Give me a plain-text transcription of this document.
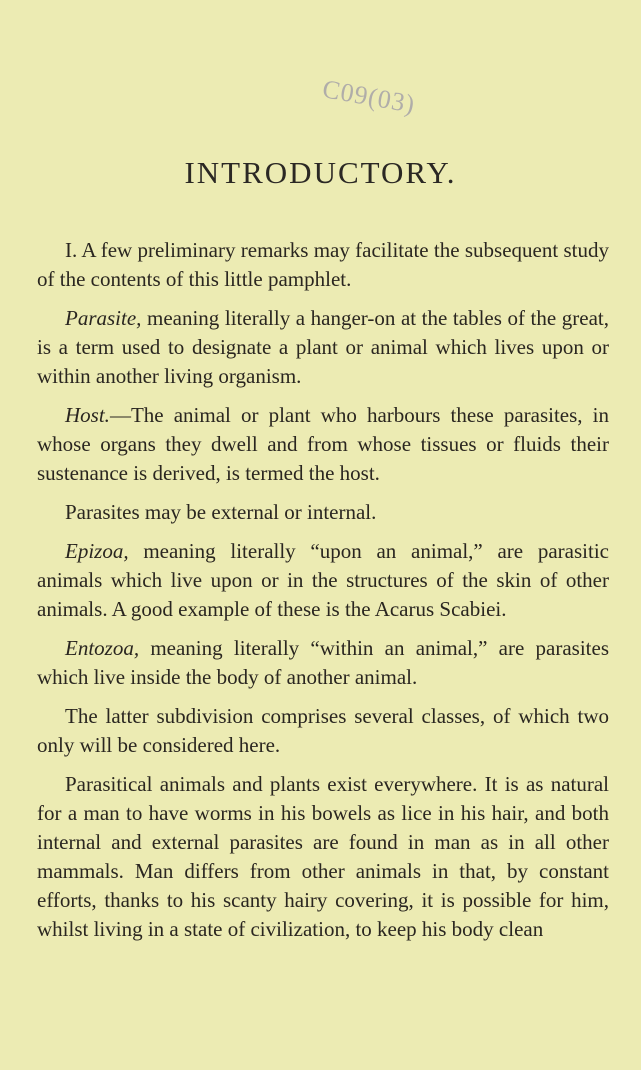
C09(03)
INTRODUCTORY.

I. A few preliminary remarks may facilitate the subsequent study of the contents of this little pamphlet.

Parasite, meaning literally a hanger-on at the tables of the great, is a term used to designate a plant or animal which lives upon or within another living organism.

Host.—The animal or plant who harbours these parasites, in whose organs they dwell and from whose tissues or fluids their sustenance is derived, is termed the host.

Parasites may be external or internal.

Epizoa, meaning literally “upon an animal,” are parasitic animals which live upon or in the structures of the skin of other animals. A good example of these is the Acarus Scabiei.

Entozoa, meaning literally “within an animal,” are parasites which live inside the body of another animal.

The latter subdivision comprises several classes, of which two only will be considered here.

Parasitical animals and plants exist everywhere. It is as natural for a man to have worms in his bowels as lice in his hair, and both internal and external parasites are found in man as in all other mammals. Man differs from other animals in that, by constant efforts, thanks to his scanty hairy covering, it is possible for him, whilst living in a state of civilization, to keep his body clean
